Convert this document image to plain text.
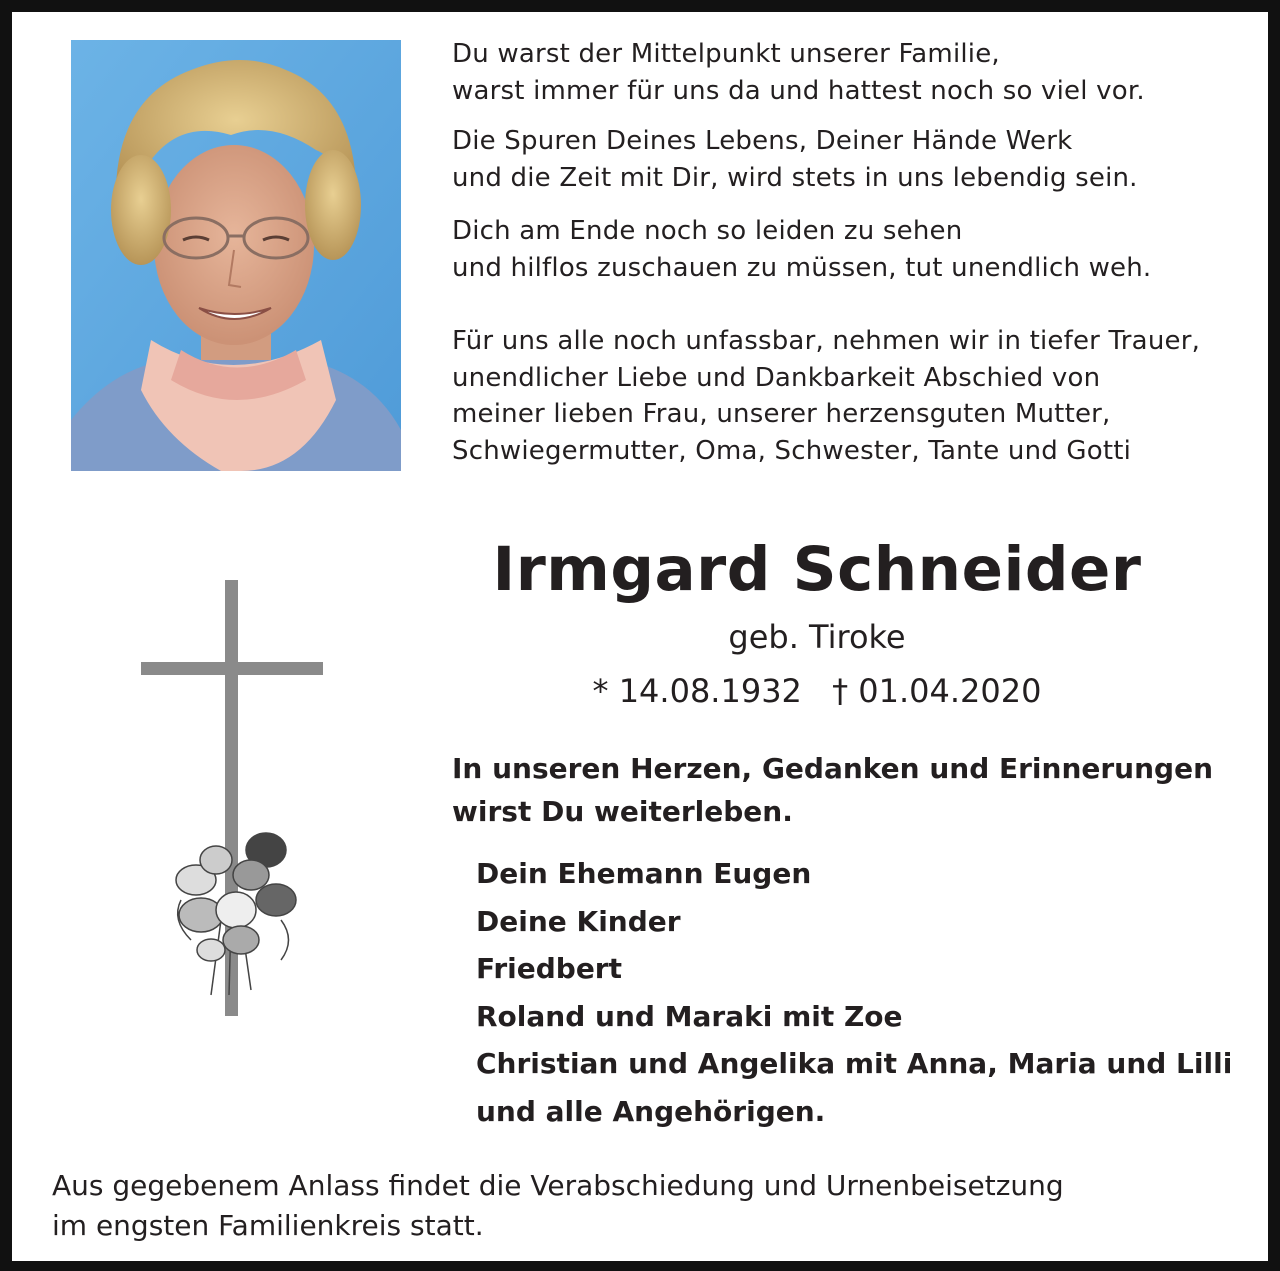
Du warst der Mittelpunkt unserer Familie,
warst immer für uns da und hattest noch so viel vor.

Die Spuren Deines Lebens, Deiner Hände Werk
und die Zeit mit Dir, wird stets in uns lebendig sein.

Dich am Ende noch so leiden zu sehen
und hilflos zuschauen zu müssen, tut unendlich weh.

Für uns alle noch unfassbar, nehmen wir in tiefer Trauer,
unendlicher Liebe und Dankbarkeit Abschied von
meiner lieben Frau, unserer herzensguten Mutter,
Schwiegermutter, Oma, Schwester, Tante und Gotti

Irmgard Schneider
geb. Tiroke
* 14.08.1932 † 01.04.2020
In unseren Herzen, Gedanken und Erinnerungen
wirst Du weiterleben.
Dein Ehemann Eugen
Deine Kinder
Friedbert
Roland und Maraki mit Zoe
Christian und Angelika mit Anna, Maria und Lilli
und alle Angehörigen.
Aus gegebenem Anlass findet die Verabschiedung und Urnenbeisetzung
im engsten Familienkreis statt.
